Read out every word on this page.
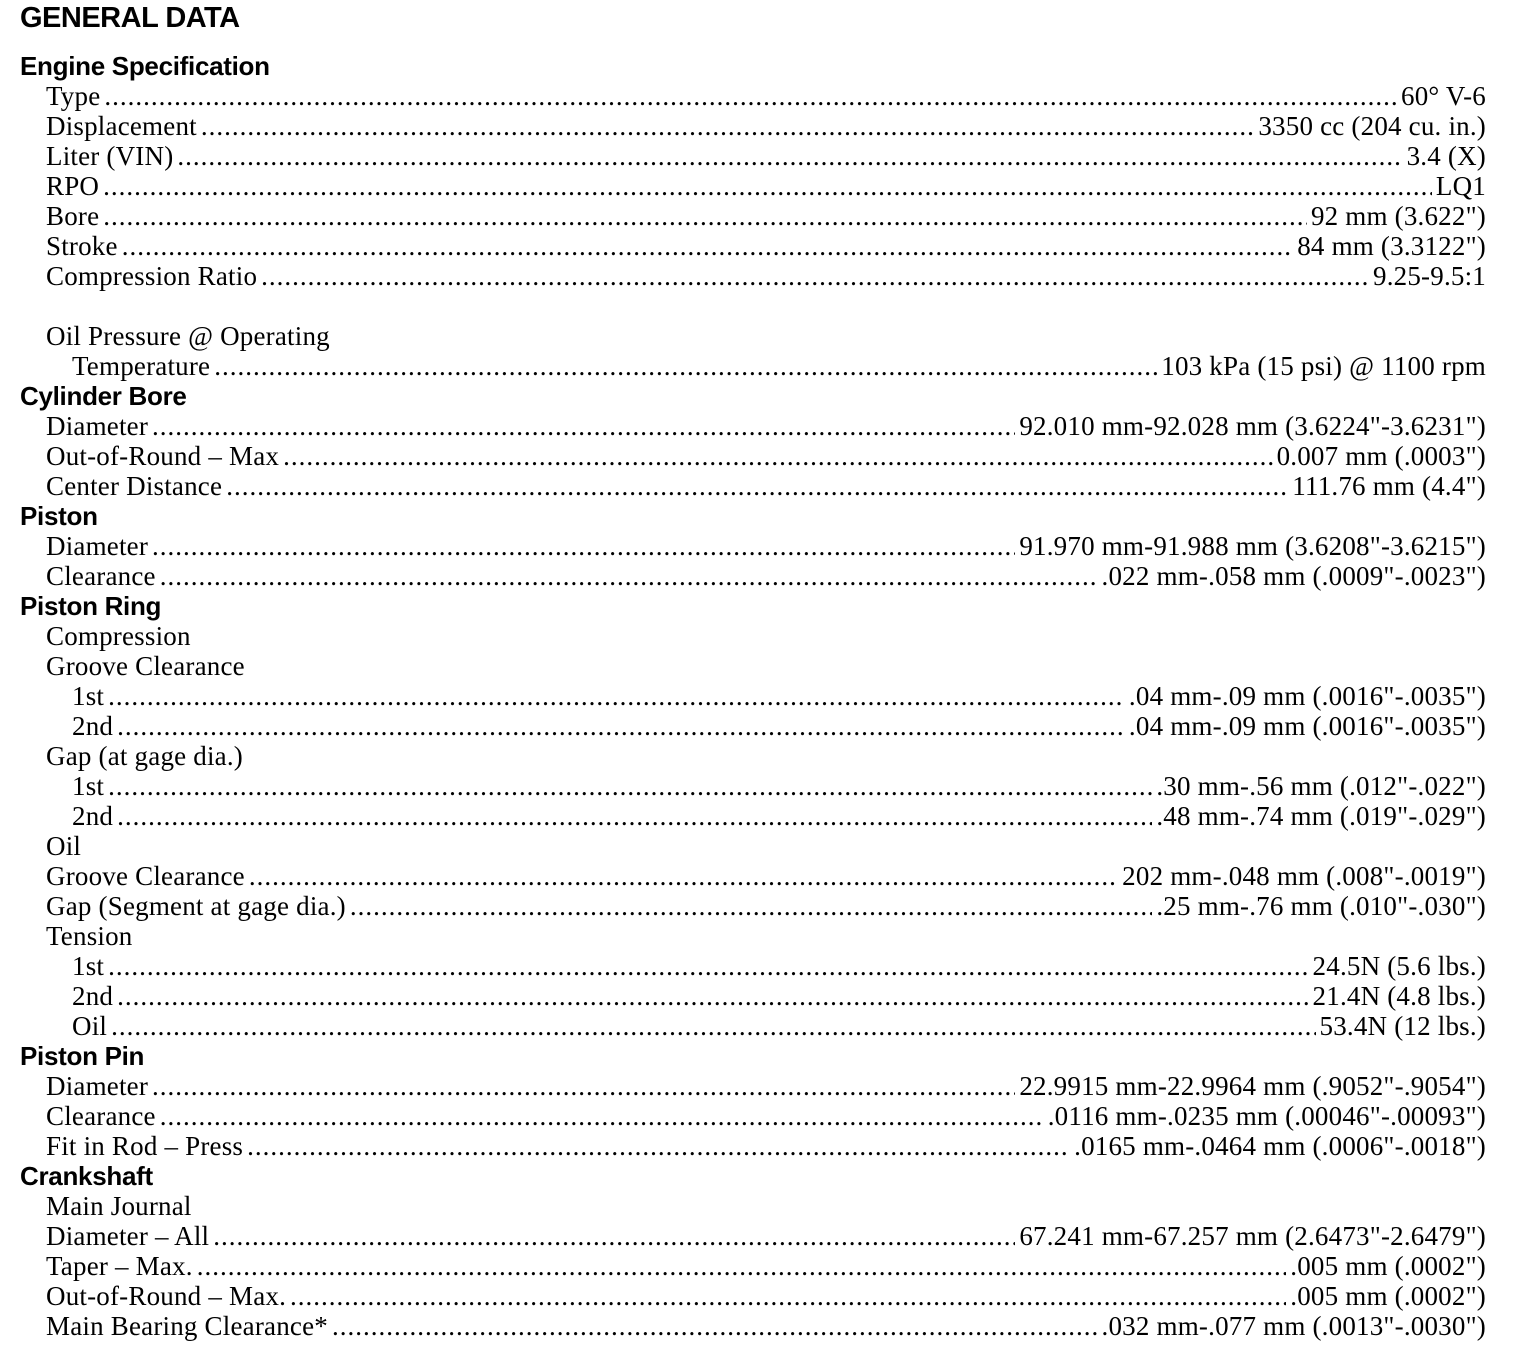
GENERAL DATA
Engine Specification
Type .....	60° V-6
Displacement .....	3350 cc (204 cu. in.)
Liter (VIN) .....	3.4 (X)
RPO .....	LQ1
Bore .....	92 mm (3.622")
Stroke .....	84 mm (3.3122")
Compression Ratio .....	9.25-9.5:1
Oil Pressure @ Operating
Temperature .....	103 kPa (15 psi) @ 1100 rpm
Cylinder Bore
Diameter .....	92.010 mm-92.028 mm (3.6224"-3.6231")
Out-of-Round – Max .....	0.007 mm (.0003")
Center Distance .....	111.76 mm (4.4")
Piston
Diameter .....	91.970 mm-91.988 mm (3.6208"-3.6215")
Clearance .....	.022 mm-.058 mm (.0009"-.0023")
Piston Ring
Compression
Groove Clearance
1st .....	.04 mm-.09 mm (.0016"-.0035")
2nd .....	.04 mm-.09 mm (.0016"-.0035")
Gap (at gage dia.)
1st .....	.30 mm-.56 mm (.012"-.022")
2nd .....	.48 mm-.74 mm (.019"-.029")
Oil
Groove Clearance .....	202 mm-.048 mm (.008"-.0019")
Gap (Segment at gage dia.) .....	.25 mm-.76 mm (.010"-.030")
Tension
1st .....	24.5N (5.6 lbs.)
2nd .....	21.4N (4.8 lbs.)
Oil .....	53.4N (12 lbs.)
Piston Pin
Diameter .....	22.9915 mm-22.9964 mm (.9052"-.9054")
Clearance .....	.0116 mm-.0235 mm (.00046"-.00093")
Fit in Rod – Press .....	.0165 mm-.0464 mm (.0006"-.0018")
Crankshaft
Main Journal
Diameter – All .....	67.241 mm-67.257 mm (2.6473"-2.6479")
Taper – Max. .....	.005 mm (.0002")
Out-of-Round – Max. .....	.005 mm (.0002")
Main Bearing Clearance* .....	.032 mm-.077 mm (.0013"-.0030")
